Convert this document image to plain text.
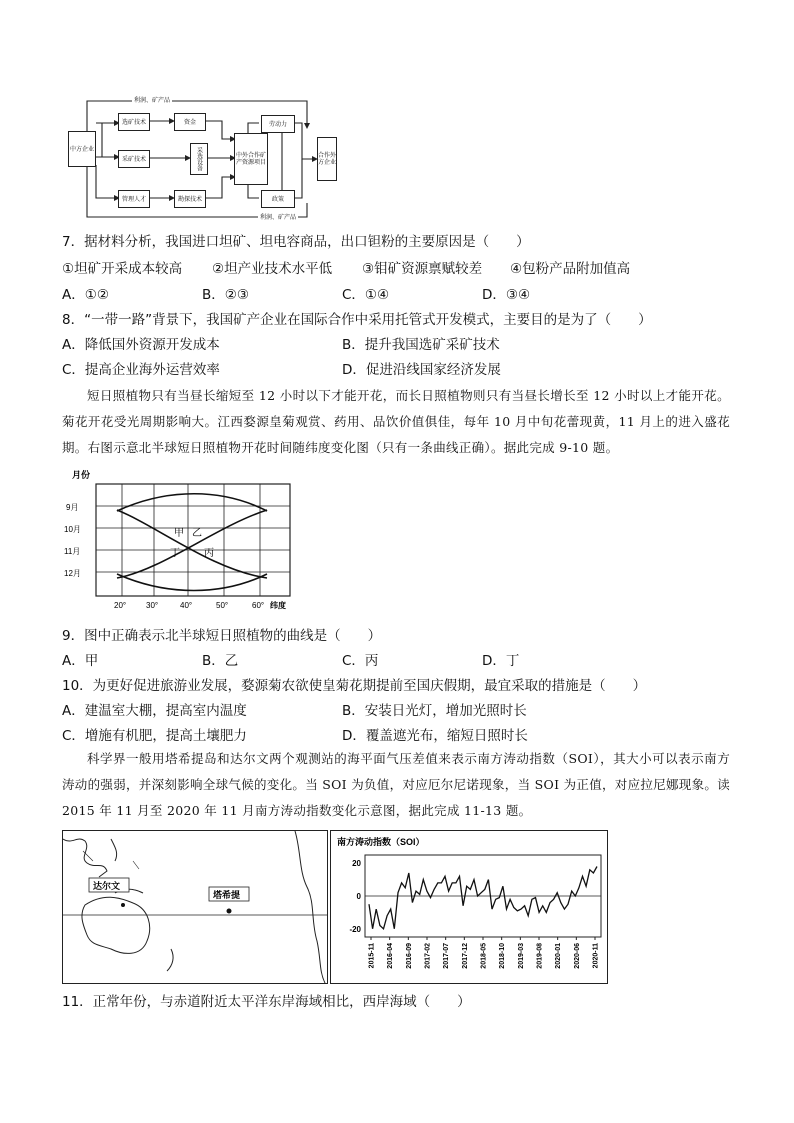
利润、矿产品
利润、矿产品
中方企业
选矿技术	资金
采矿技术	采选设备
管理人才	勘探技术
中外合作矿产资源项目
劳动力
政策
合作外方企业
7．据材料分析，我国进口坦矿、坦电容商品，出口钽粉的主要原因是（　　）
①坦矿开采成本较高 ②坦产业技术水平低 ③钼矿资源禀赋较差 ④包粉产品附加值高
A．①②	B．②③	C．①④	D．③④
8．“一带一路”背景下，我国矿产企业在国际合作中采用托管式开发模式，主要目的是为了（　　）
A．降低国外资源开发成本	B．提升我国选矿采矿技术
C．提高企业海外运营效率	D．促进沿线国家经济发展

短日照植物只有当昼长缩短至 12 小时以下才能开花，而长日照植物则只有当昼长增长至 12 小时以上才能开花。菊花开花受光周期影响大。江西婺源皇菊观赏、药用、品饮价值俱佳，每年 10 月中旬花蕾现黄，11 月上的进入盛花期。右图示意北半球短日照植物开花时间随纬度变化图（只有一条曲线正确）。据此完成 9-10 题。

月份
9月
10月
11月
12月
20° 30°	40°	50°	60° 纬度
甲 乙
丁 丙
9．图中正确表示北半球短日照植物的曲线是（　　）
A．甲	B．乙	C．丙	D．丁
10．为更好促进旅游业发展，婺源菊农欲使皇菊花期提前至国庆假期，最宜采取的措施是（　　）
A．建温室大棚，提高室内温度	B．安装日光灯，增加光照时长
C．增施有机肥，提高土壤肥力	D．覆盖遮光布，缩短日照时长

科学界一般用塔希提岛和达尔文两个观测站的海平面气压差值来表示南方涛动指数（SOI），其大小可以表示南方涛动的强弱，并深刻影响全球气候的变化。当 SOI 为负值，对应厄尔尼诺现象，当 SOI 为正值，对应拉尼娜现象。读 2015 年 11 月至 2020 年 11 月南方涛动指数变化示意图，据此完成 11-13 题。

达尔文
塔希提
南方涛动指数（SOI）
20
0
-20
2015-11 2016-04 2016-09 2017-02 2017-07 2017-12 2018-05 2018-10 2019-03 2019-08 2020-01 2020-06 2020-11
11．正常年份，与赤道附近太平洋东岸海域相比，西岸海域（　　）
